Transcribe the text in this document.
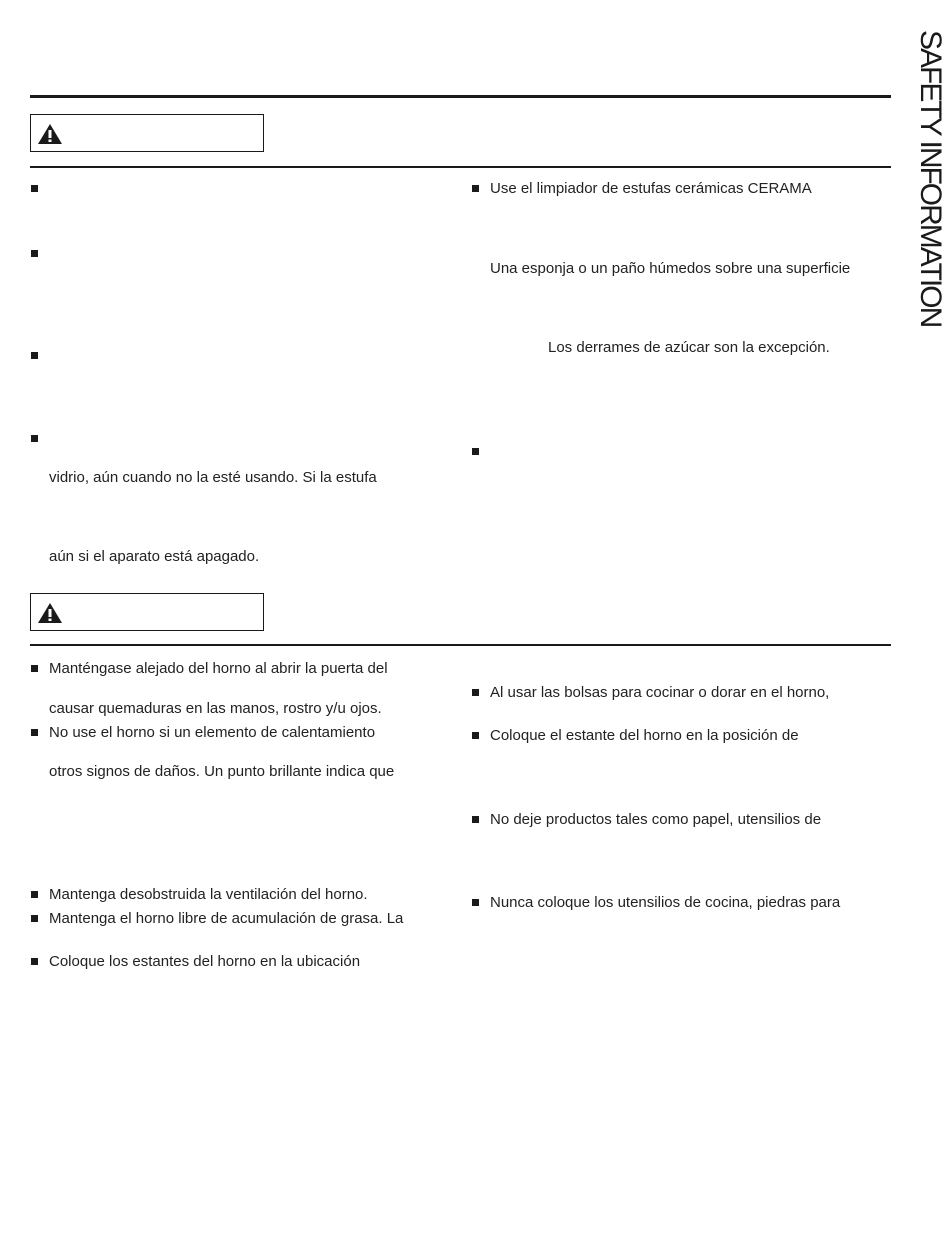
vidrio, aún cuando no la esté usando. Si la estufa
aún si el aparato está apagado.
Use el limpiador de estufas cerámicas CERAMA
Una esponja o un paño húmedos sobre una superficie
Los derrames de azúcar son la excepción.
Manténgase alejado del horno al abrir la puerta del
causar quemaduras en las manos, rostro y/u ojos.
No use el horno si un elemento de calentamiento
otros signos de daños. Un punto brillante indica que
Mantenga desobstruida la ventilación del horno.
Mantenga el horno libre de acumulación de grasa. La
Coloque los estantes del horno en la ubicación
Al usar las bolsas para cocinar o dorar en el horno,
Coloque el estante del horno en la posición de
No deje productos tales como papel, utensilios de
Nunca coloque los utensilios de cocina, piedras para
SAFETY INFORMATION
